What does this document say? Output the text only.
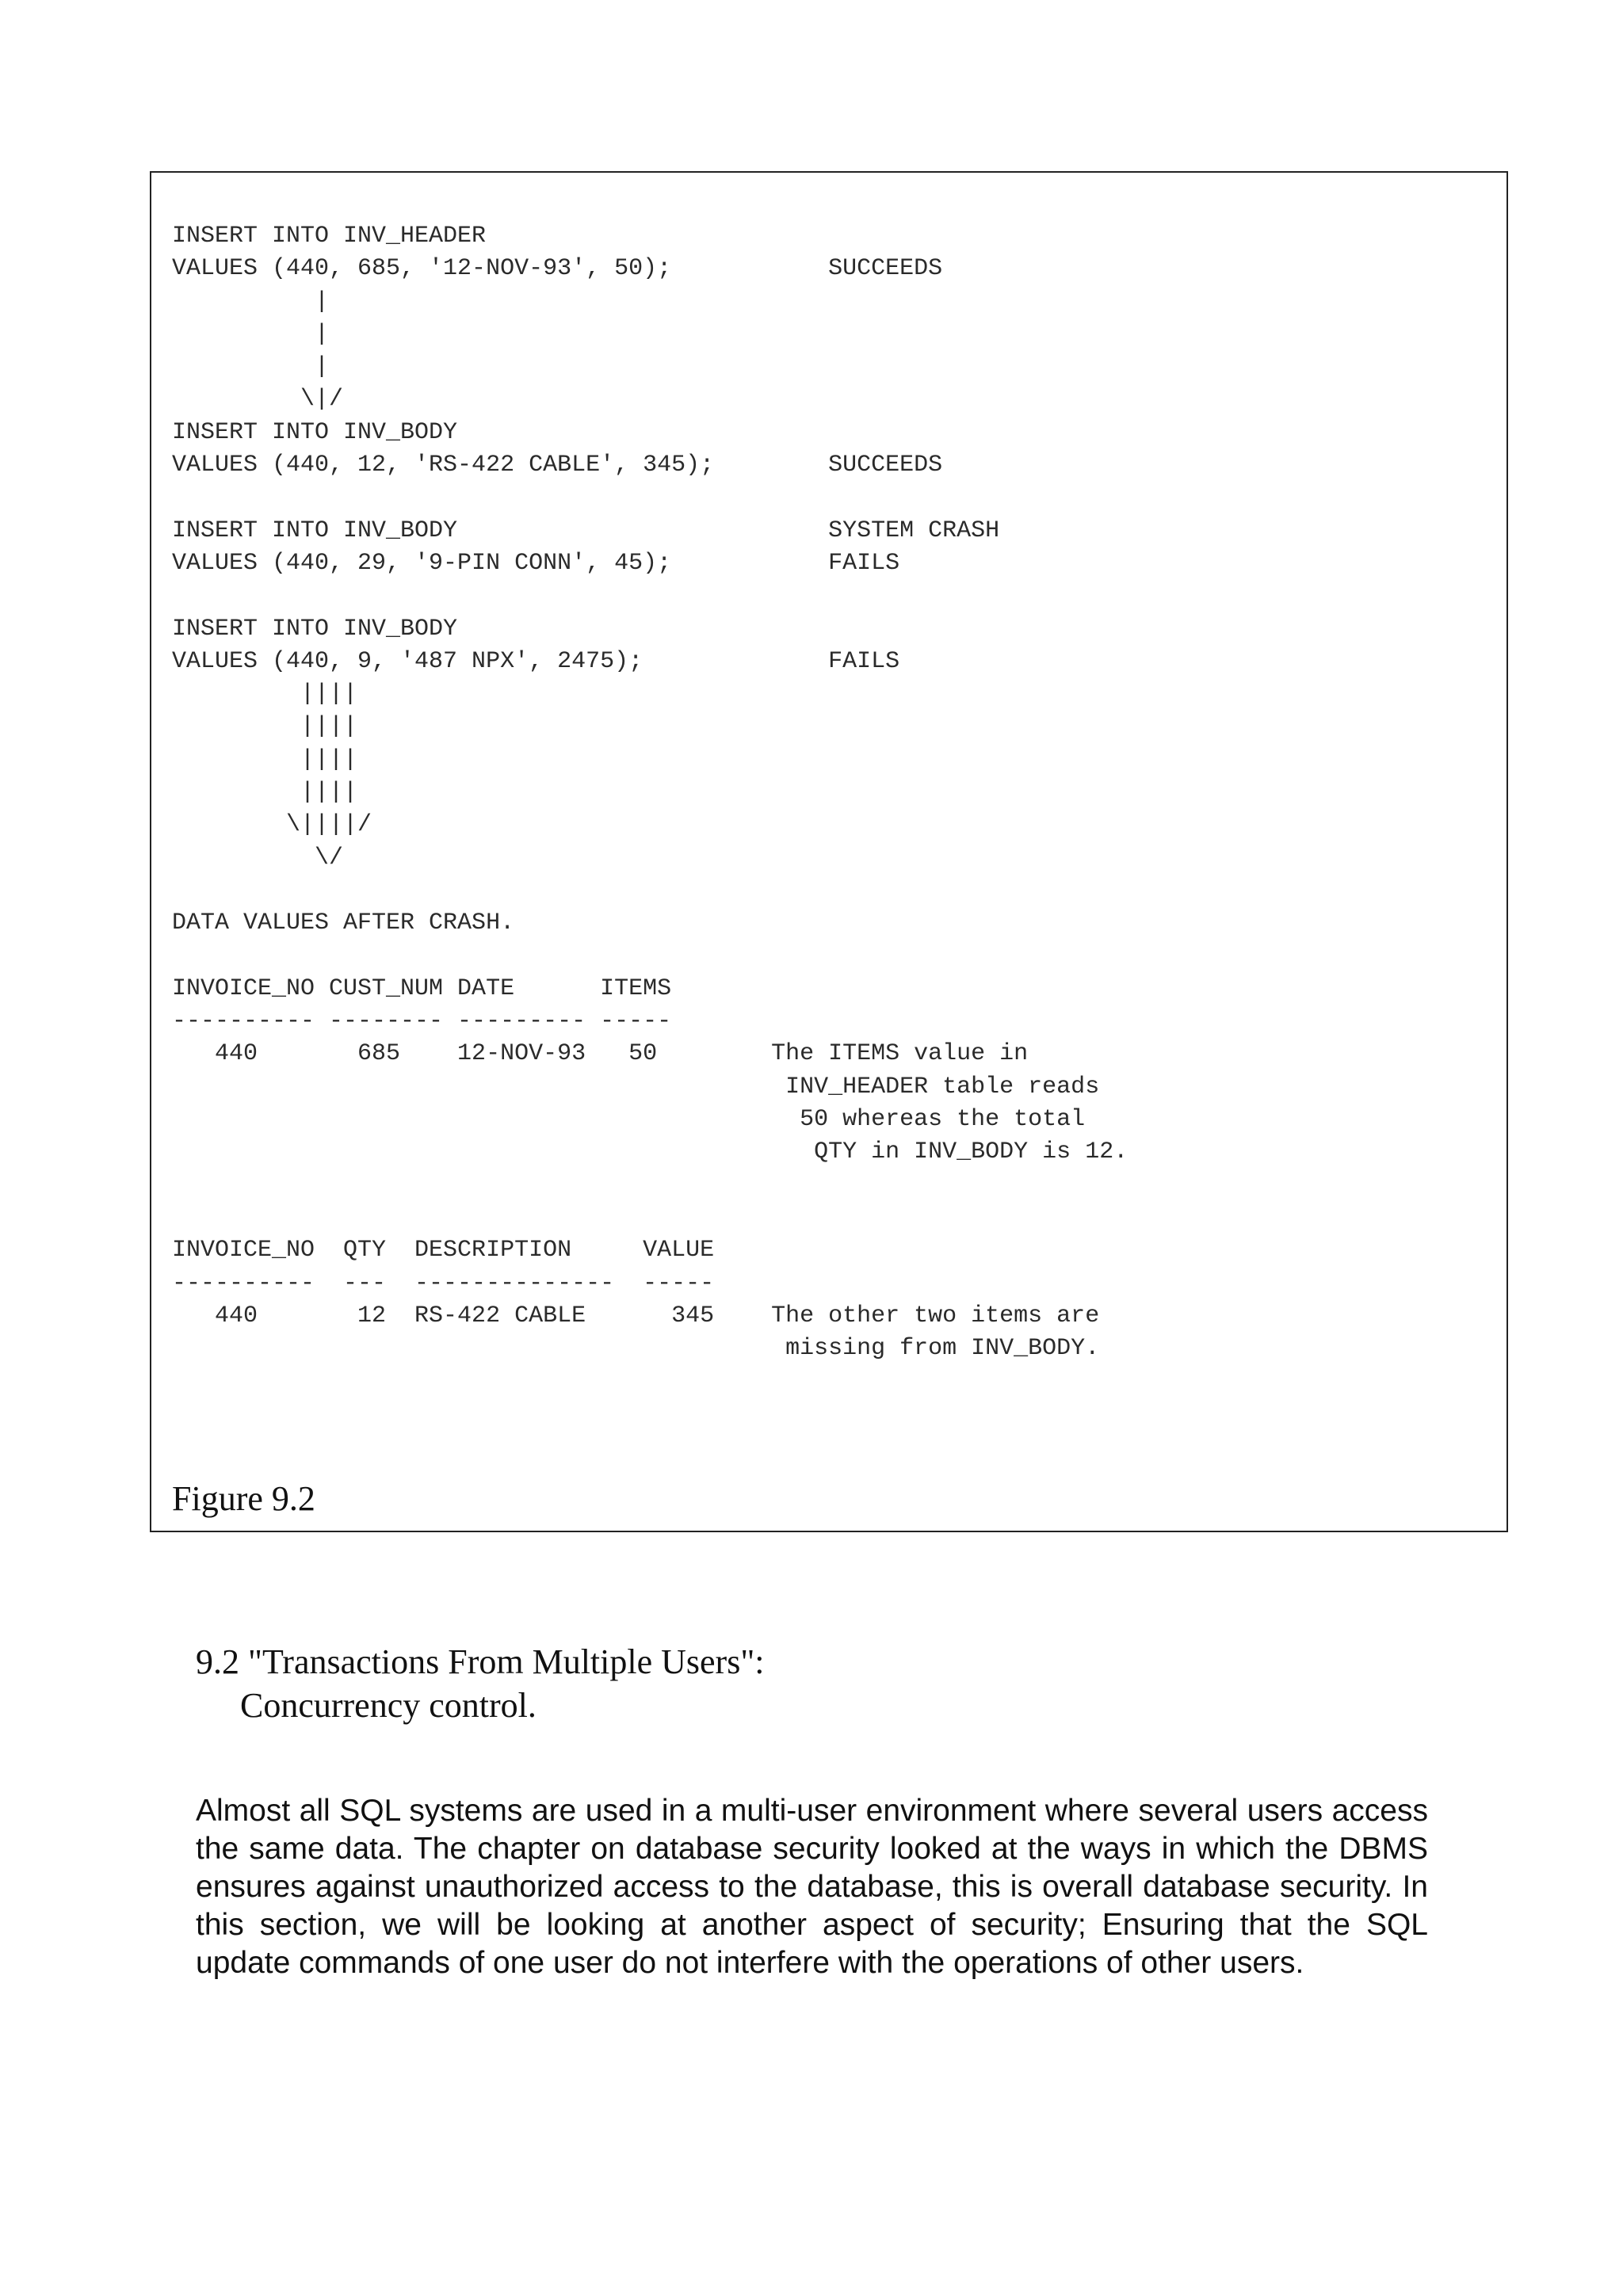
INSERT INTO INV_HEADER
VALUES (440, 685, '12-NOV-93', 50);           SUCCEEDS
|
|
|
\|/
INSERT INTO INV_BODY
VALUES (440, 12, 'RS-422 CABLE', 345);        SUCCEEDS

INSERT INTO INV_BODY                          SYSTEM CRASH
VALUES (440, 29, '9-PIN CONN', 45);           FAILS

INSERT INTO INV_BODY
VALUES (440, 9, '487 NPX', 2475);             FAILS
||||
||||
||||
||||
\||||/
\/

DATA VALUES AFTER CRASH.

INVOICE_NO CUST_NUM DATE      ITEMS
---------- -------- --------- -----
440       685    12-NOV-93   50        The ITEMS value in
INV_HEADER table reads
50 whereas the total
QTY in INV_BODY is 12.

INVOICE_NO  QTY  DESCRIPTION     VALUE
----------  ---  --------------  -----
440       12  RS-422 CABLE      345    The other two items are
missing from INV_BODY.
Figure 9.2
9.2 "Transactions From Multiple Users":
Concurrency control.

Almost all SQL systems are used in a multi-user environment where several users access the same data. The chapter on database security looked at the ways in which the DBMS ensures against unauthorized access to the database, this is overall database security. In this section, we will be looking at another aspect of security; Ensuring that the SQL update commands of one user do not interfere with the operations of other users.
